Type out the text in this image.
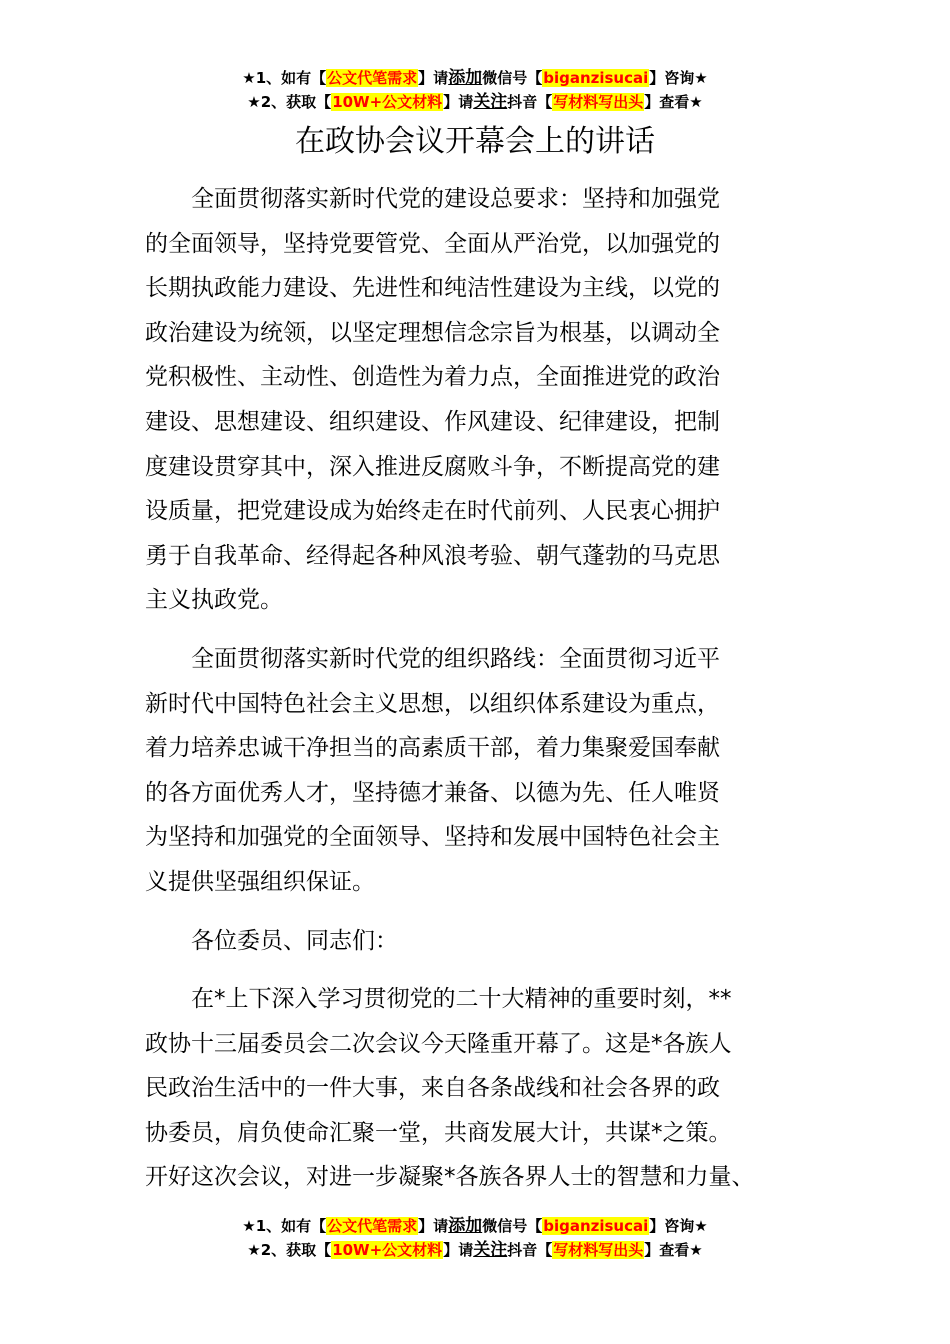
★1、如有【公文代笔需求】请添加微信号【biganzisucai】咨询★
★2、获取【10W+公文材料】请关注抖音【写材料写出头】查看★
在政协会议开幕会上的讲话

全面贯彻落实新时代党的建设总要求：坚持和加强党
的全面领导，坚持党要管党、全面从严治党，以加强党的
长期执政能力建设、先进性和纯洁性建设为主线，以党的
政治建设为统领，以坚定理想信念宗旨为根基，以调动全
党积极性、主动性、创造性为着力点，全面推进党的政治
建设、思想建设、组织建设、作风建设、纪律建设，把制
度建设贯穿其中，深入推进反腐败斗争，不断提高党的建
设质量，把党建设成为始终走在时代前列、人民衷心拥护
勇于自我革命、经得起各种风浪考验、朝气蓬勃的马克思
主义执政党。

全面贯彻落实新时代党的组织路线：全面贯彻习近平
新时代中国特色社会主义思想，以组织体系建设为重点，
着力培养忠诚干净担当的高素质干部，着力集聚爱国奉献
的各方面优秀人才，坚持德才兼备、以德为先、任人唯贤
为坚持和加强党的全面领导、坚持和发展中国特色社会主
义提供坚强组织保证。

各位委员、同志们：

在*上下深入学习贯彻党的二十大精神的重要时刻，**
政协十三届委员会二次会议今天隆重开幕了。这是*各族人
民政治生活中的一件大事，来自各条战线和社会各界的政
协委员，肩负使命汇聚一堂，共商发展大计，共谋*之策。
开好这次会议，对进一步凝聚*各族各界人士的智慧和力量、

★1、如有【公文代笔需求】请添加微信号【biganzisucai】咨询★
★2、获取【10W+公文材料】请关注抖音【写材料写出头】查看★
